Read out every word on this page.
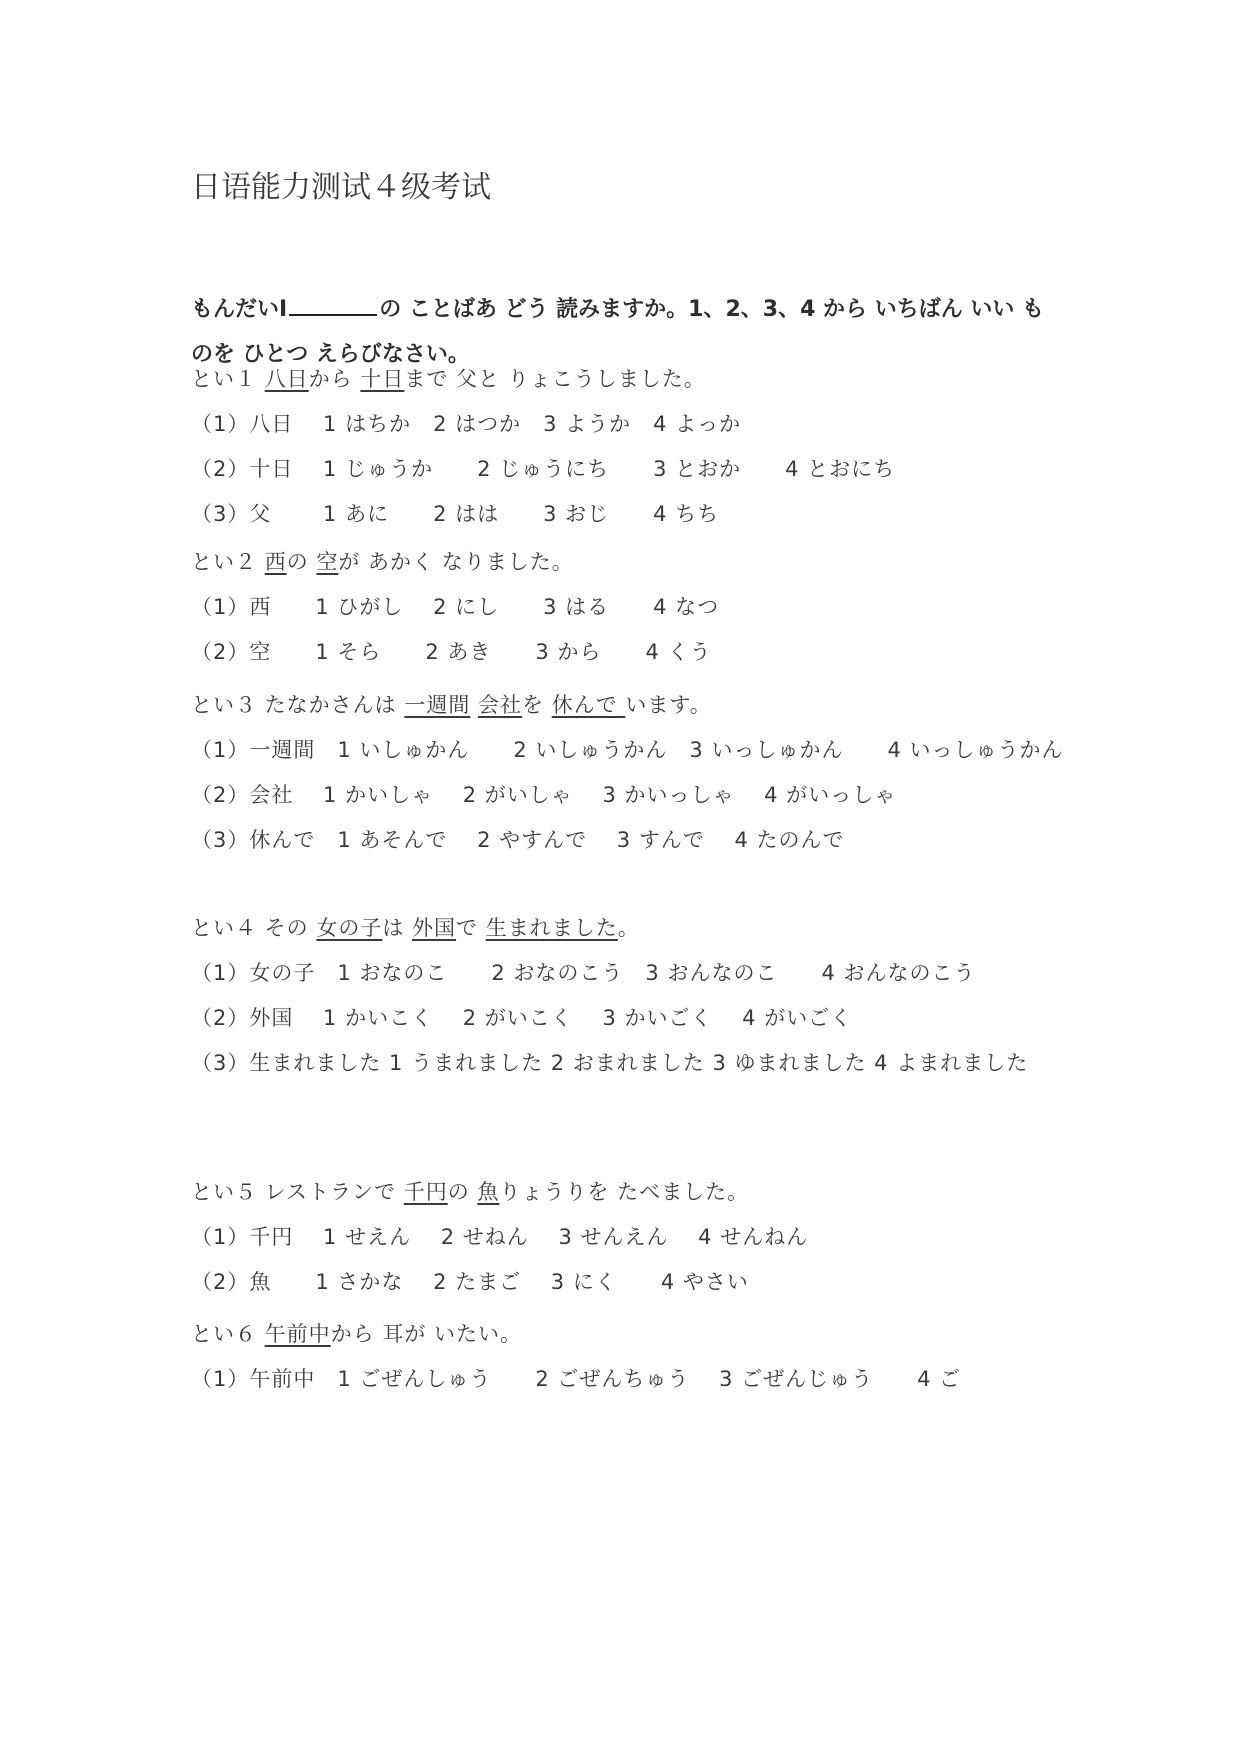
日语能力测试４级考试
もんだいⅠ	の ことばあ どう 読みますか。1、2、3、4 から いちばん いい ものを ひとつ えらびなさい。
とい１ 八日から 十日まで 父と りょこうしました。
（1）八日　 1 はちか　2 はつか　3 ようか　4 よっか
（2）十日　 1 じゅうか　　2 じゅうにち　　3 とおか　　4 とおにち
（3）父　　 1 あに　　2 はは　　3 おじ　　4 ちち
とい２ 西の 空が あかく なりました。
（1）西　　1 ひがし　 2 にし　　3 はる　　4 なつ
（2）空　　1 そら　　2 あき　　3 から　　4 くう
とい３ たなかさんは 一週間 会社を 休んで います。
（1）一週間　1 いしゅかん　　2 いしゅうかん　3 いっしゅかん　　4 いっしゅうかん
（2）会社　 1 かいしゃ　 2 がいしゃ　 3 かいっしゃ　 4 がいっしゃ
（3）休んで　1 あそんで　 2 やすんで　 3 すんで　 4 たのんで
とい４ その 女の子は 外国で 生まれました。
（1）女の子　1 おなのこ　　2 おなのこう　3 おんなのこ　　4 おんなのこう
（2）外国　 1 かいこく　 2 がいこく　 3 かいごく　 4 がいごく
（3）生まれました 1 うまれました 2 おまれました 3 ゆまれました 4 よまれました
とい５ レストランで 千円の 魚りょうりを たべました。
（1）千円　 1 せえん　 2 せねん　 3 せんえん　 4 せんねん
（2）魚　　1 さかな　 2 たまご　 3 にく　　4 やさい
とい６ 午前中から 耳が いたい。
（1）午前中　1 ごぜんしゅう　　2 ごぜんちゅう　 3 ごぜんじゅう　　4 ご
